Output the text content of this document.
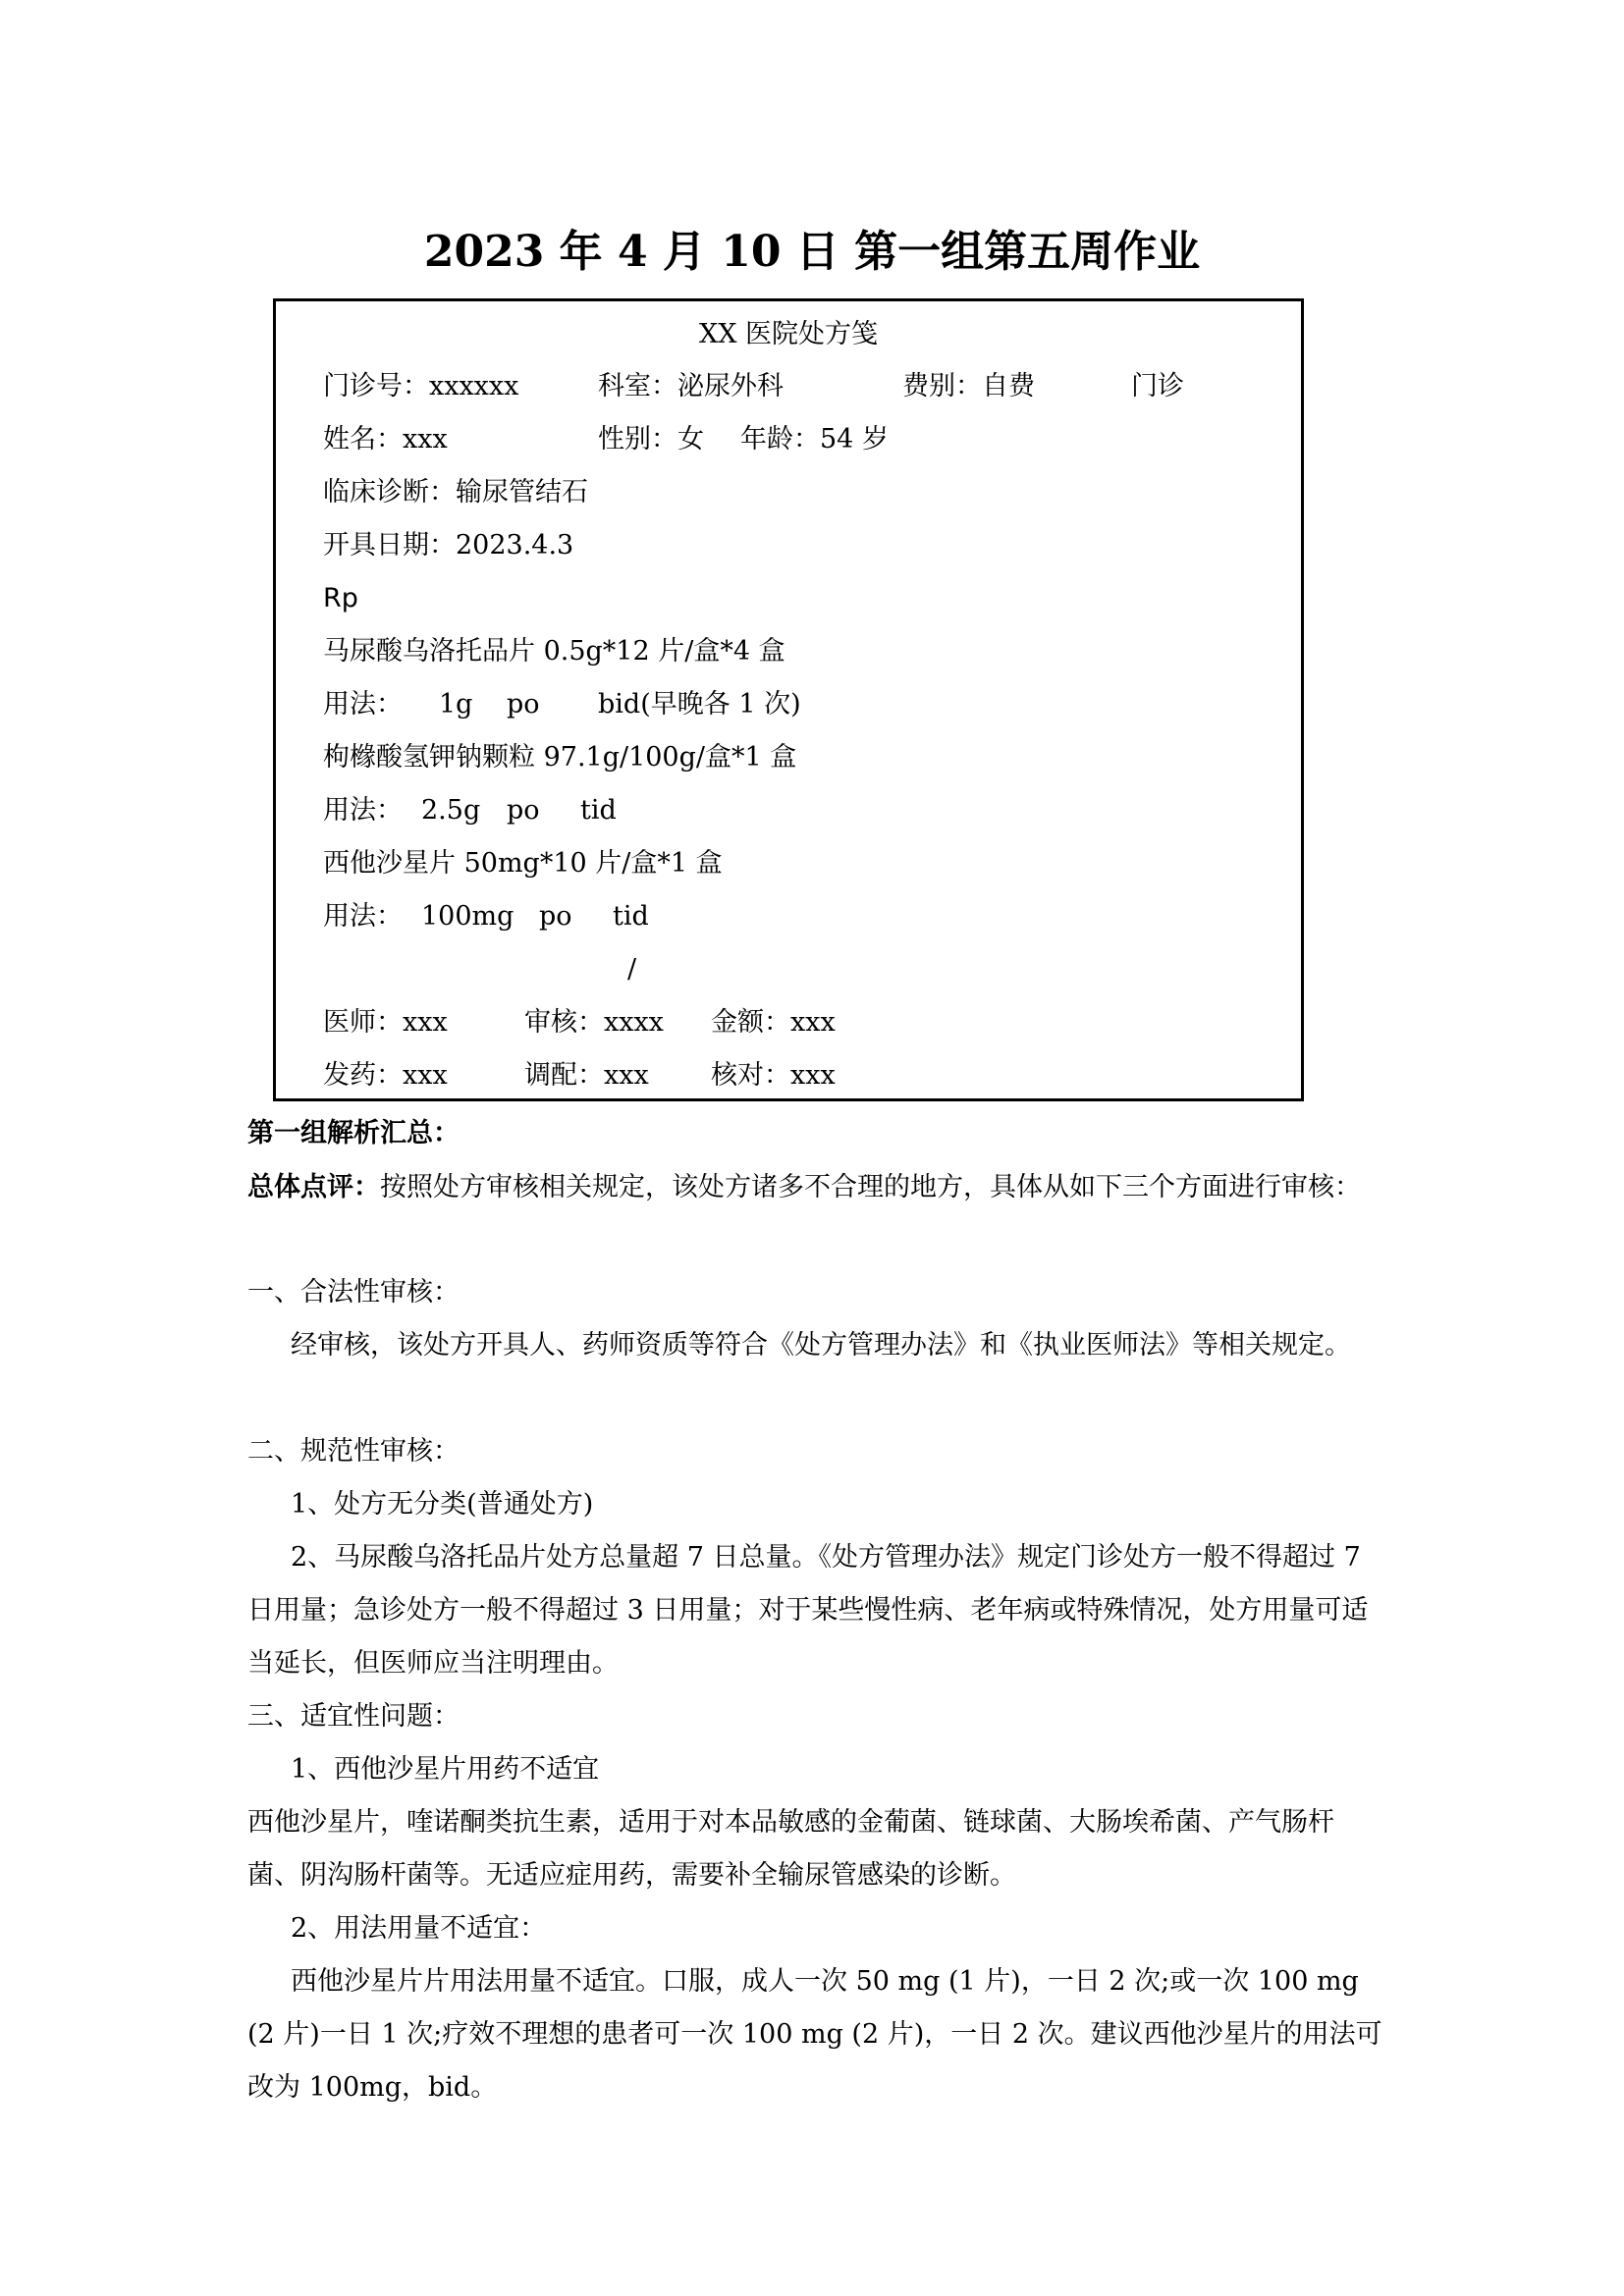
2023 年 4 月 10 日 第一组第五周作业
XX 医院处方笺
门诊号：xxxxxx	科室：泌尿外科	费别：自费	门诊
姓名：xxx	性别：女 年龄：54 岁
临床诊断：输尿管结石
开具日期：2023.4.3
Rp
马尿酸乌洛托品片 0.5g*12 片/盒*4 盒
用法： 1g po bid(早晚各 1 次)
枸橼酸氢钾钠颗粒 97.1g/100g/盒*1 盒
用法： 2.5g po tid
西他沙星片 50mg*10 片/盒*1 盒
用法： 100mg po tid
/
医师：xxx	审核：xxxx 金额：xxx
发药：xxx	调配：xxx 核对：xxx
第一组解析汇总：
总体点评：按照处方审核相关规定，该处方诸多不合理的地方，具体从如下三个方面进行审核：
一、合法性审核：
经审核，该处方开具人、药师资质等符合《处方管理办法》和《执业医师法》等相关规定。
二、规范性审核：
1、处方无分类(普通处方)
2、马尿酸乌洛托品片处方总量超 7 日总量。《处方管理办法》规定门诊处方一般不得超过 7 日用量；急诊处方一般不得超过 3 日用量；对于某些慢性病、老年病或特殊情况，处方用量可适当延长，但医师应当注明理由。
三、适宜性问题：
1、西他沙星片用药不适宜
西他沙星片，喹诺酮类抗生素，适用于对本品敏感的金葡菌、链球菌、大肠埃希菌、产气肠杆菌、阴沟肠杆菌等。无适应症用药，需要补全输尿管感染的诊断。
2、用法用量不适宜：
西他沙星片片用法用量不适宜。口服，成人一次 50 mg (1 片)，一日 2 次;或一次 100 mg (2 片)一日 1 次;疗效不理想的患者可一次 100 mg (2 片)，一日 2 次。建议西他沙星片的用法可改为 100mg，bid。
